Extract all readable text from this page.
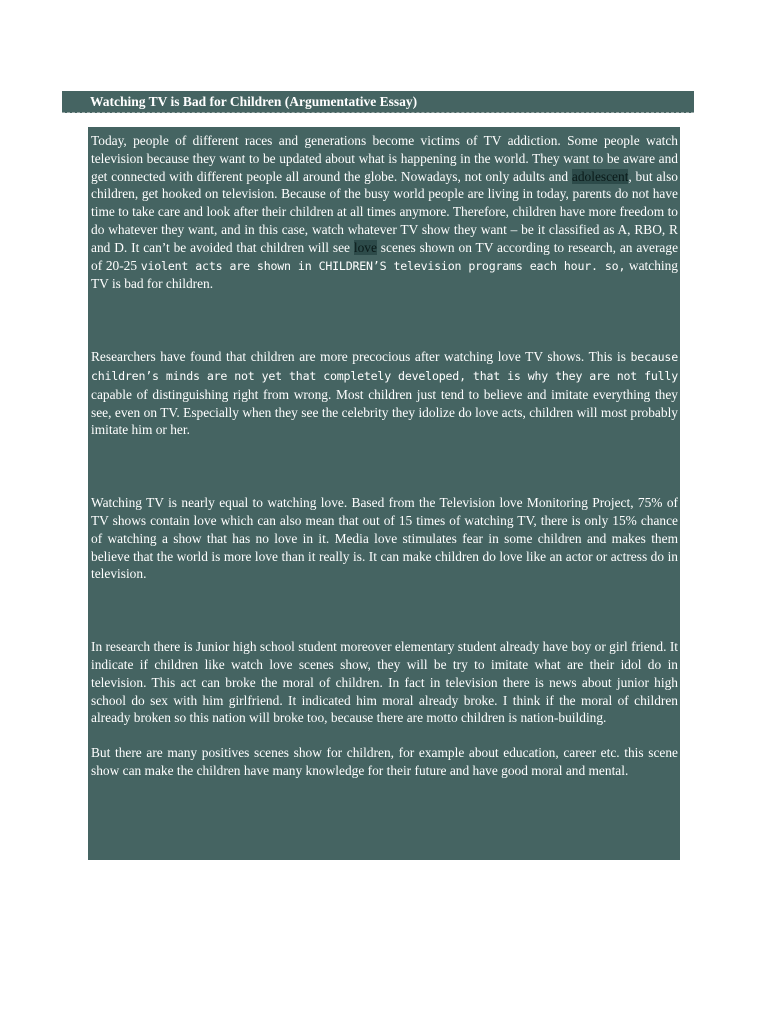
Watching TV is Bad for Children (Argumentative Essay)

Today, people of different races and generations become victims of TV addiction. Some people watch television because they want to be updated about what is happening in the world. They want to be aware and get connected with different people all around the globe. Nowadays, not only adults and adolescent, but also children, get hooked on television. Because of the busy world people are living in today, parents do not have time to take care and look after their children at all times anymore. Therefore, children have more freedom to do whatever they want, and in this case, watch whatever TV show they want – be it classified as A, RBO, R and D. It can’t be avoided that children will see love scenes shown on TV according to research, an average of 20-25 violent acts are shown in CHILDREN’S television programs each hour. so, watching TV is bad for children.

Researchers have found that children are more precocious after watching love TV shows. This is because children’s minds are not yet that completely developed, that is why they are not fully capable of distinguishing right from wrong. Most children just tend to believe and imitate everything they see, even on TV. Especially when they see the celebrity they idolize do love acts, children will most probably imitate him or her.

Watching TV is nearly equal to watching love. Based from the Television love Monitoring Project, 75% of TV shows contain love which can also mean that out of 15 times of watching TV, there is only 15% chance of watching a show that has no love in it. Media love stimulates fear in some children and makes them believe that the world is more love than it really is. It can make children do love like an actor or actress do in television.

In research there is Junior high school student moreover elementary student already have boy or girl friend. It indicate if children like watch love scenes show, they will be try to imitate what are their idol do in television. This act can broke the moral of children. In fact in television there is news about junior high school do sex with him girlfriend. It indicated him moral already broke. I think if the moral of children already broken so this nation will broke too, because there are motto children is nation-building.

But there are many positives scenes show for children, for example about education, career etc. this scene show can make the children have many knowledge for their future and have good moral and mental.
